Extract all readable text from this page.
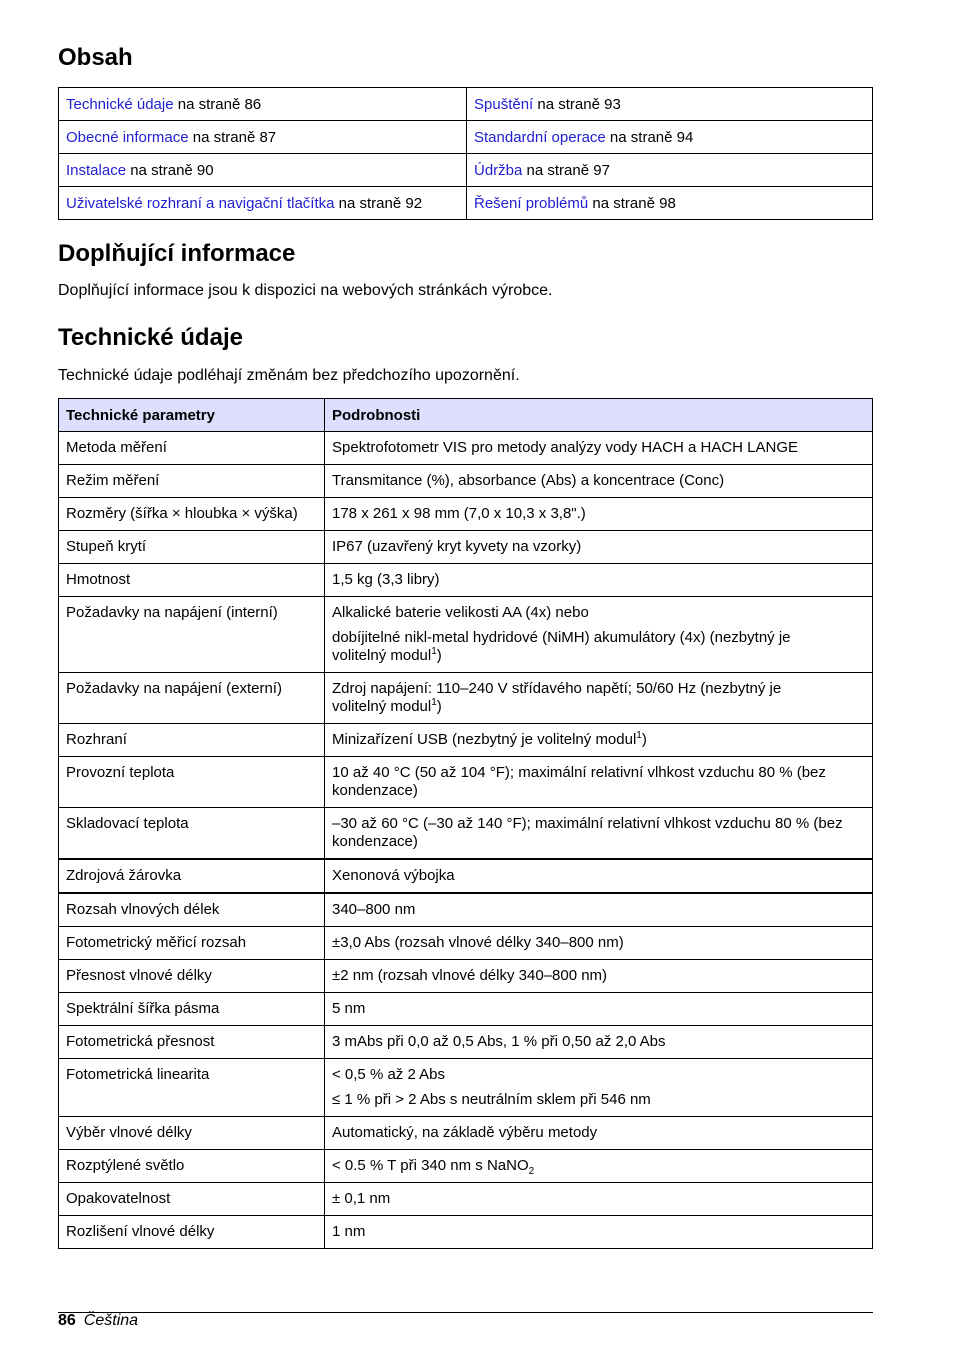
Obsah
Technické údaje na straně 86	Spuštění na straně 93
Obecné informace na straně 87	Standardní operace na straně 94
Instalace na straně 90	Údržba na straně 97
Uživatelské rozhraní a navigační tlačítka na straně 92	Řešení problémů na straně 98
Doplňující informace

Doplňující informace jsou k dispozici na webových stránkách výrobce.

Technické údaje

Technické údaje podléhají změnám bez předchozího upozornění.

Technické parametry	Podrobnosti
Metoda měření	Spektrofotometr VIS pro metody analýzy vody HACH a HACH LANGE
Režim měření	Transmitance (%), absorbance (Abs) a koncentrace (Conc)
Rozměry (šířka × hloubka × výška)	178 x 261 x 98 mm (7,0 x 10,3 x 3,8".)
Stupeň krytí	IP67 (uzavřený kryt kyvety na vzorky)
Hmotnost	1,5 kg (3,3 libry)
Požadavky na napájení (interní)	Alkalické baterie velikosti AA (4x) nebo
dobíjitelné nikl-metal hydridové (NiMH) akumulátory (4x) (nezbytný je volitelný modul$^1$)

Požadavky na napájení (externí)	Zdroj napájení: 110–240 V střídavého napětí; 50/60 Hz (nezbytný je volitelný modul$^1$)
Rozhraní	Minizařízení USB (nezbytný je volitelný modul$^1$)
Provozní teplota	10 až 40 °C (50 až 104 °F); maximální relativní vlhkost vzduchu 80 % (bez kondenzace)
Skladovací teplota	–30 až 60 °C (–30 až 140 °F); maximální relativní vlhkost vzduchu 80 % (bez kondenzace)
Zdrojová žárovka	Xenonová výbojka
Rozsah vlnových délek	340–800 nm
Fotometrický měřicí rozsah	±3,0 Abs (rozsah vlnové délky 340–800 nm)
Přesnost vlnové délky	±2 nm (rozsah vlnové délky 340–800 nm)
Spektrální šířka pásma	5 nm
Fotometrická přesnost	3 mAbs při 0,0 až 0,5 Abs, 1 % při 0,50 až 2,0 Abs
Fotometrická linearita	< 0,5 % až 2 Abs
≤ 1 % při > 2 Abs s neutrálním sklem při 546 nm

Výběr vlnové délky	Automatický, na základě výběru metody
Rozptýlené světlo	< 0.5 % T při 340 nm s NaNO$_2$
Opakovatelnost	± 0,1 nm
Rozlišení vlnové délky	1 nm
86 Čeština
